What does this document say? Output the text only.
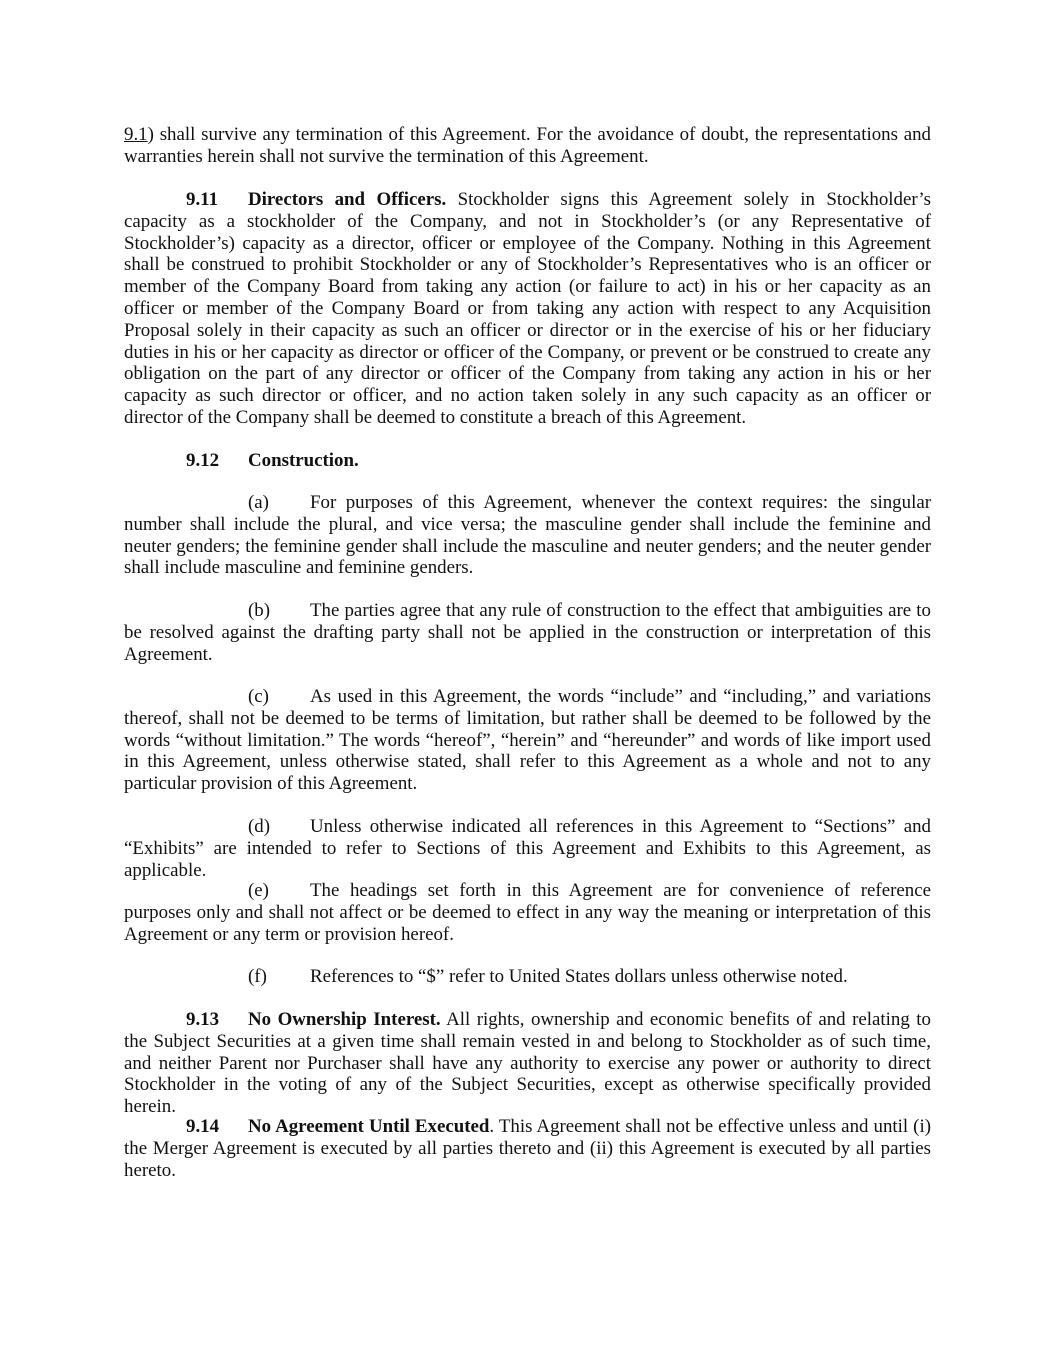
9.1) shall survive any termination of this Agreement. For the avoidance of doubt, the representations and warranties herein shall not survive the termination of this Agreement.
9.11 Directors and Officers. Stockholder signs this Agreement solely in Stockholder’s capacity as a stockholder of the Company, and not in Stockholder’s (or any Representative of Stockholder’s) capacity as a director, officer or employee of the Company. Nothing in this Agreement shall be construed to prohibit Stockholder or any of Stockholder’s Representatives who is an officer or member of the Company Board from taking any action (or failure to act) in his or her capacity as an officer or member of the Company Board or from taking any action with respect to any Acquisition Proposal solely in their capacity as such an officer or director or in the exercise of his or her fiduciary duties in his or her capacity as director or officer of the Company, or prevent or be construed to create any obligation on the part of any director or officer of the Company from taking any action in his or her capacity as such director or officer, and no action taken solely in any such capacity as an officer or director of the Company shall be deemed to constitute a breach of this Agreement.
9.12 Construction.
(a) For purposes of this Agreement, whenever the context requires: the singular number shall include the plural, and vice versa; the masculine gender shall include the feminine and neuter genders; the feminine gender shall include the masculine and neuter genders; and the neuter gender shall include masculine and feminine genders.
(b) The parties agree that any rule of construction to the effect that ambiguities are to be resolved against the drafting party shall not be applied in the construction or interpretation of this Agreement.
(c) As used in this Agreement, the words “include” and “including,” and variations thereof, shall not be deemed to be terms of limitation, but rather shall be deemed to be followed by the words “without limitation.” The words “hereof”, “herein” and “hereunder” and words of like import used in this Agreement, unless otherwise stated, shall refer to this Agreement as a whole and not to any particular provision of this Agreement.
(d) Unless otherwise indicated all references in this Agreement to “Sections” and “Exhibits” are intended to refer to Sections of this Agreement and Exhibits to this Agreement, as applicable.
(e) The headings set forth in this Agreement are for convenience of reference purposes only and shall not affect or be deemed to effect in any way the meaning or interpretation of this Agreement or any term or provision hereof.
(f) References to “$” refer to United States dollars unless otherwise noted.
9.13 No Ownership Interest. All rights, ownership and economic benefits of and relating to the Subject Securities at a given time shall remain vested in and belong to Stockholder as of such time, and neither Parent nor Purchaser shall have any authority to exercise any power or authority to direct Stockholder in the voting of any of the Subject Securities, except as otherwise specifically provided herein.
9.14 No Agreement Until Executed. This Agreement shall not be effective unless and until (i) the Merger Agreement is executed by all parties thereto and (ii) this Agreement is executed by all parties hereto.
